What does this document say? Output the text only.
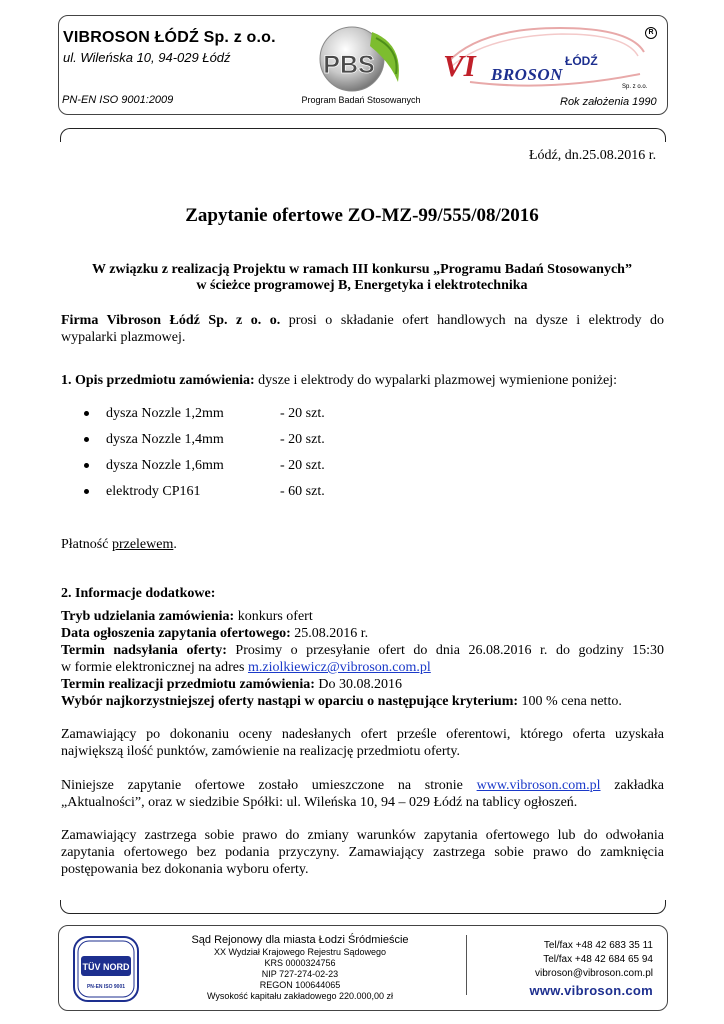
VIBROSON ŁÓDŹ Sp. z o.o.
ul. Wileńska 10, 94-029 Łódź
PN-EN ISO 9001:2009
PBS
Program Badań Stosowanych
ŁÓDŹ
VI BROSON
Sp. z o.o.
R
Rok założenia 1990
Łódź, dn.25.08.2016 r.
Zapytanie ofertowe ZO-MZ-99/555/08/2016
W związku z realizacją Projektu w ramach III konkursu „Programu Badań Stosowanych”
w ścieżce programowej B, Energetyka i elektrotechnika
Firma Vibroson Łódź Sp. z o. o. prosi o składanie ofert handlowych na dysze i elektrody do
wypalarki plazmowej.
1. Opis przedmiotu zamówienia: dysze i elektrody do wypalarki plazmowej wymienione poniżej:
dysza Nozzle 1,2mm	- 20 szt.
dysza Nozzle 1,4mm	- 20 szt.
dysza Nozzle 1,6mm	- 20 szt.
elektrody CP161	- 60 szt.
Płatność przelewem.
2. Informacje dodatkowe:
Tryb udzielania zamówienia: konkurs ofert
Data ogłoszenia zapytania ofertowego: 25.08.2016 r.
Termin nadsyłania oferty: Prosimy o przesyłanie ofert do dnia 26.08.2016 r. do godziny 15:30
w formie elektronicznej na adres m.ziolkiewicz@vibroson.com.pl
Termin realizacji przedmiotu zamówienia: Do 30.08.2016
Wybór najkorzystniejszej oferty nastąpi w oparciu o następujące kryterium: 100 % cena netto.
Zamawiający po dokonaniu oceny nadesłanych ofert prześle oferentowi, którego oferta uzyskała
największą ilość punktów, zamówienie na realizację przedmiotu oferty.
Niniejsze zapytanie ofertowe zostało umieszczone na stronie www.vibroson.com.pl zakładka
„Aktualności”, oraz w siedzibie Spółki: ul. Wileńska 10, 94 – 029 Łódź na tablicy ogłoszeń.
Zamawiający zastrzega sobie prawo do zmiany warunków zapytania ofertowego lub do odwołania
zapytania ofertowego bez podania przyczyny. Zamawiający zastrzega sobie prawo do zamknięcia
postępowania bez dokonania wyboru oferty.
TÜV NORD
PN-EN ISO 9001
Sąd Rejonowy dla miasta Łodzi Śródmieście
XX Wydział Krajowego Rejestru Sądowego
KRS 0000324756
NIP 727-274-02-23
REGON 100644065
Wysokość kapitału zakładowego 220.000,00 zł
Tel/fax +48 42 683 35 11
Tel/fax +48 42 684 65 94
vibroson@vibroson.com.pl
www.vibroson.com
